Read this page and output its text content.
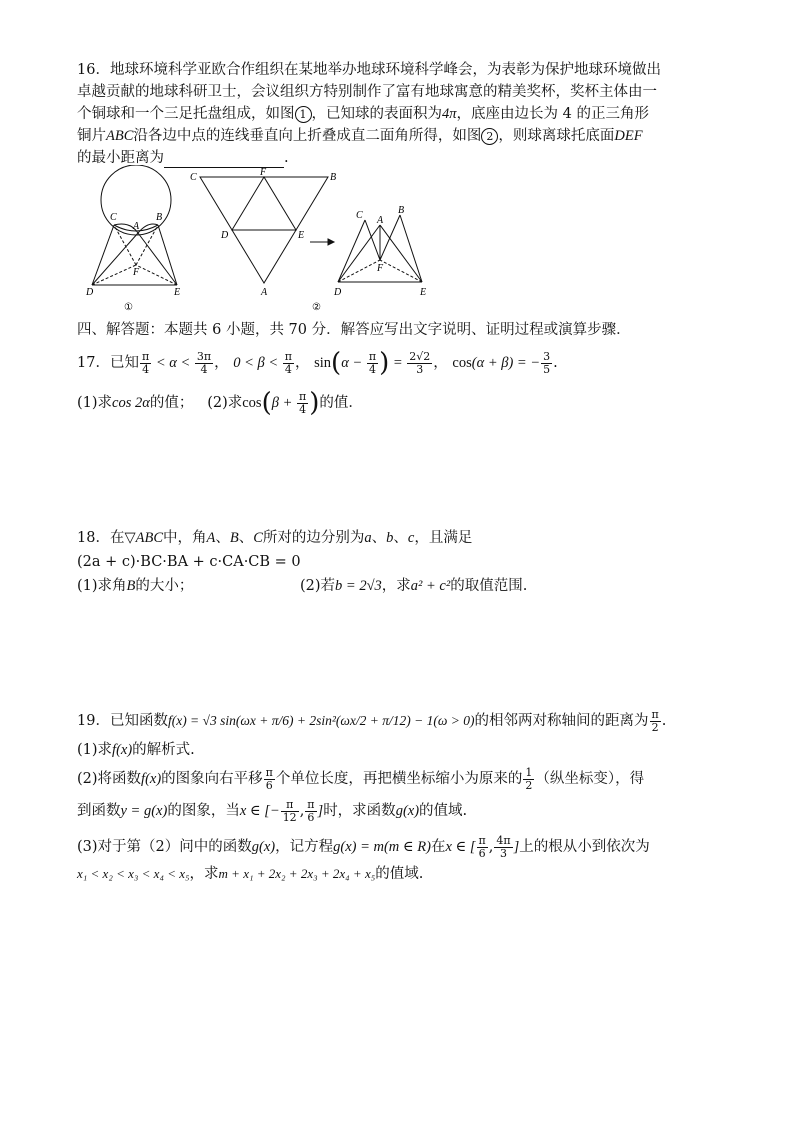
16．地球环境科学亚欧合作组织在某地举办地球环境科学峰会，为表彰为保护地球环境做出
卓越贡献的地球科研卫士，会议组织方特别制作了富有地球寓意的精美奖杯，奖杯主体由一
个铜球和一个三足托盘组成，如图 1 ，已知球的表面积为4π，底座由边长为 4 的正三角形
铜片ABC沿各边中点的连线垂直向上折叠成直二面角所得，如图 2 ，则球离球托底面DEF
的最小距离为	.
C
A
B
F
D	E
①
C	F	B
D	E
A
C A
B
F
D	E
②
四、解答题：本题共 6 小题，共 70 分．解答应写出文字说明、证明过程或演算步骤．
17．已知 $\frac{\pi}{4} < \alpha < \frac{3\pi}{4}$ ， $0 < \beta < \frac{\pi}{4}$ ， $\sin(\alpha - \frac{\pi}{4}$ ) = $\frac{2√2}{3}$ ， cos(α + β) = − $\frac{3}{5}$ .
(1)求cos 2α的值； (2)求$\cos(\beta + \frac{\pi}{4}$ )的值．
18．在▽ABC中，角A、B、C所对的边分别为a、b、c，且满足
(2a + c)·BC·BA + c·CA·CB = 0
(1)求角B的大小；	(2)若b = 2√3，求a² + c²的取值范围.
19．已知函数f(x) = √3 sin(ωx + π/6) + 2sin²(ωx/2 + π/12) − 1(ω > 0)的相邻两对称轴间的距离为 $\frac{\pi}{2}$ .
(1)求f(x)的解析式.
(2)将函数f(x)的图象向右平移 $\frac{\pi}{6}$ 个单位长度，再把横坐标缩小为原来的 $\frac{1}{2}$ （纵坐标变），得
到函数y = g(x)的图象，当x ∈ [− $\frac{\pi}{12}$ , $\frac{\pi}{6}$ ]时，求函数g(x)的值域.
(3)对于第（2）问中的函数g(x)，记方程g(x) = m(m ∈ R)在x ∈ [ $\frac{\pi}{6}$ , $\frac{4\pi}{3}$ ]上的根从小到依次为
x₁ < x₂ < x₃ < x₄ < x₅，求m + x₁ + 2x₂ + 2x₃ + 2x₄ + x₅的值域.
